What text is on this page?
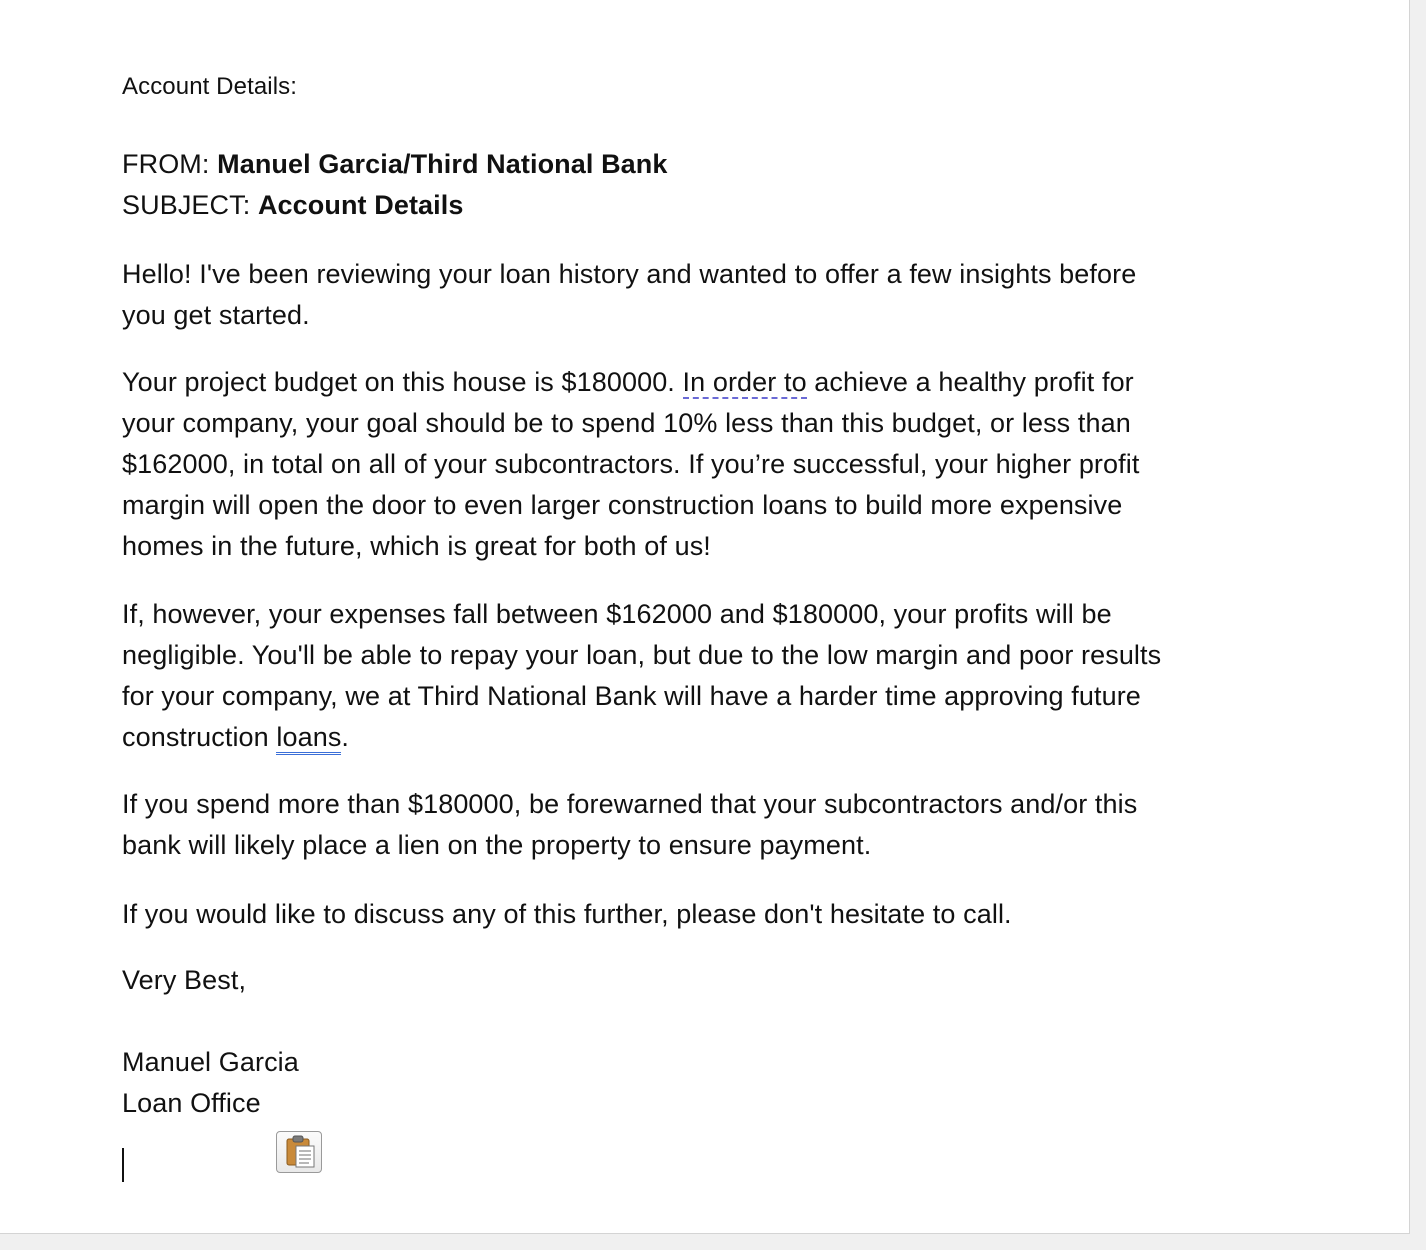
Account Details:

FROM: Manuel Garcia/Third National Bank

SUBJECT: Account Details

Hello! I've been reviewing your loan history and wanted to offer a few insights before
you get started.

Your project budget on this house is $180000. In order to achieve a healthy profit for
your company, your goal should be to spend 10% less than this budget, or less than
$162000, in total on all of your subcontractors. If you’re successful, your higher profit
margin will open the door to even larger construction loans to build more expensive
homes in the future, which is great for both of us!

If, however, your expenses fall between $162000 and $180000, your profits will be
negligible. You'll be able to repay your loan, but due to the low margin and poor results
for your company, we at Third National Bank will have a harder time approving future
construction loans.

If you spend more than $180000, be forewarned that your subcontractors and/or this
bank will likely place a lien on the property to ensure payment.

If you would like to discuss any of this further, please don't hesitate to call.

Very Best,

Manuel Garcia

Loan Office
